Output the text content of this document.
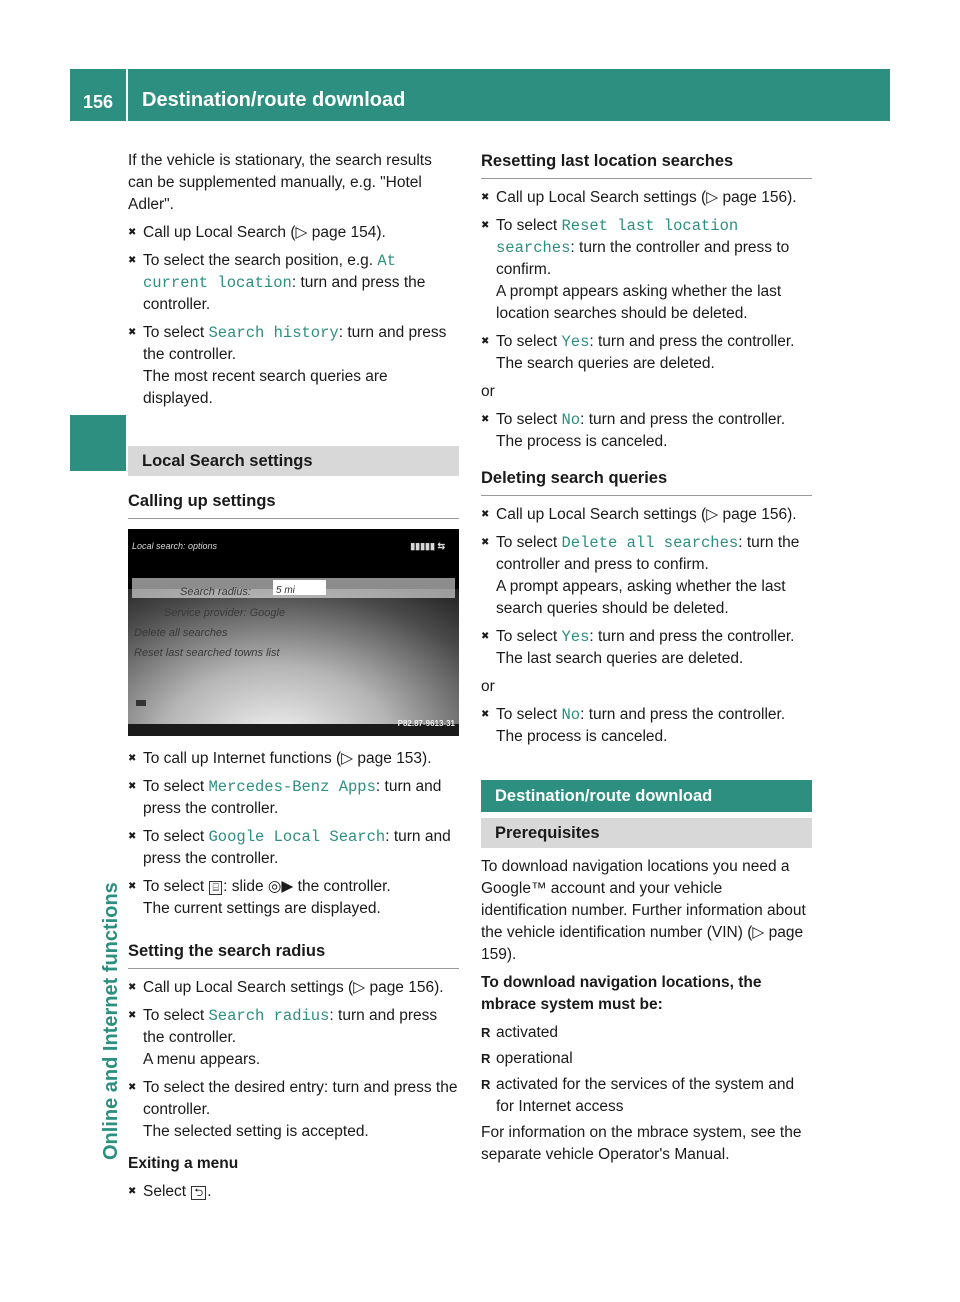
156 Destination/route download
Online and Internet functions

If the vehicle is stationary, the search results can be supplemented manually, e.g. "Hotel Adler".

✖ Call up Local Search (▷ page 154).
✖ To select the search position, e.g. At current location: turn and press the controller.
✖ To select Search history: turn and press the controller.
The most recent search queries are displayed.
Local Search settings
Calling up settings
Local search: options	▮▮▮▮▮ ⇆
Search radius:	5 mi
Service provider: Google
Delete all searches
Reset last searched towns list
P82.87-9613-31
✖ To call up Internet functions (▷ page 153).
✖ To select Mercedes-Benz Apps: turn and press the controller.
✖ To select Google Local Search: turn and press the controller.
✖ To select ⌸ : slide ◎▶ the controller.
The current settings are displayed.
Setting the search radius
✖ Call up Local Search settings (▷ page 156).
✖ To select Search radius: turn and press the controller.
A menu appears.
✖ To select the desired entry: turn and press the controller.
The selected setting is accepted.
Exiting a menu
✖ Select ⮌ .
Resetting last location searches
✖ Call up Local Search settings (▷ page 156).
✖ To select Reset last location searches: turn the controller and press to confirm.
A prompt appears asking whether the last location searches should be deleted.
✖ To select Yes: turn and press the controller.
The search queries are deleted.

or

✖ To select No: turn and press the controller.
The process is canceled.
Deleting search queries
✖ Call up Local Search settings (▷ page 156).
✖ To select Delete all searches: turn the controller and press to confirm.
A prompt appears, asking whether the last search queries should be deleted.
✖ To select Yes: turn and press the controller.
The last search queries are deleted.

or

✖ To select No: turn and press the controller.
The process is canceled.
Destination/route download
Prerequisites

To download navigation locations you need a Google™ account and your vehicle identification number. Further information about the vehicle identification number (VIN) (▷ page 159).

To download navigation locations, the mbrace system must be:

R activated
R operational
R activated for the services of the system and for Internet access

For information on the mbrace system, see the separate vehicle Operator's Manual.
